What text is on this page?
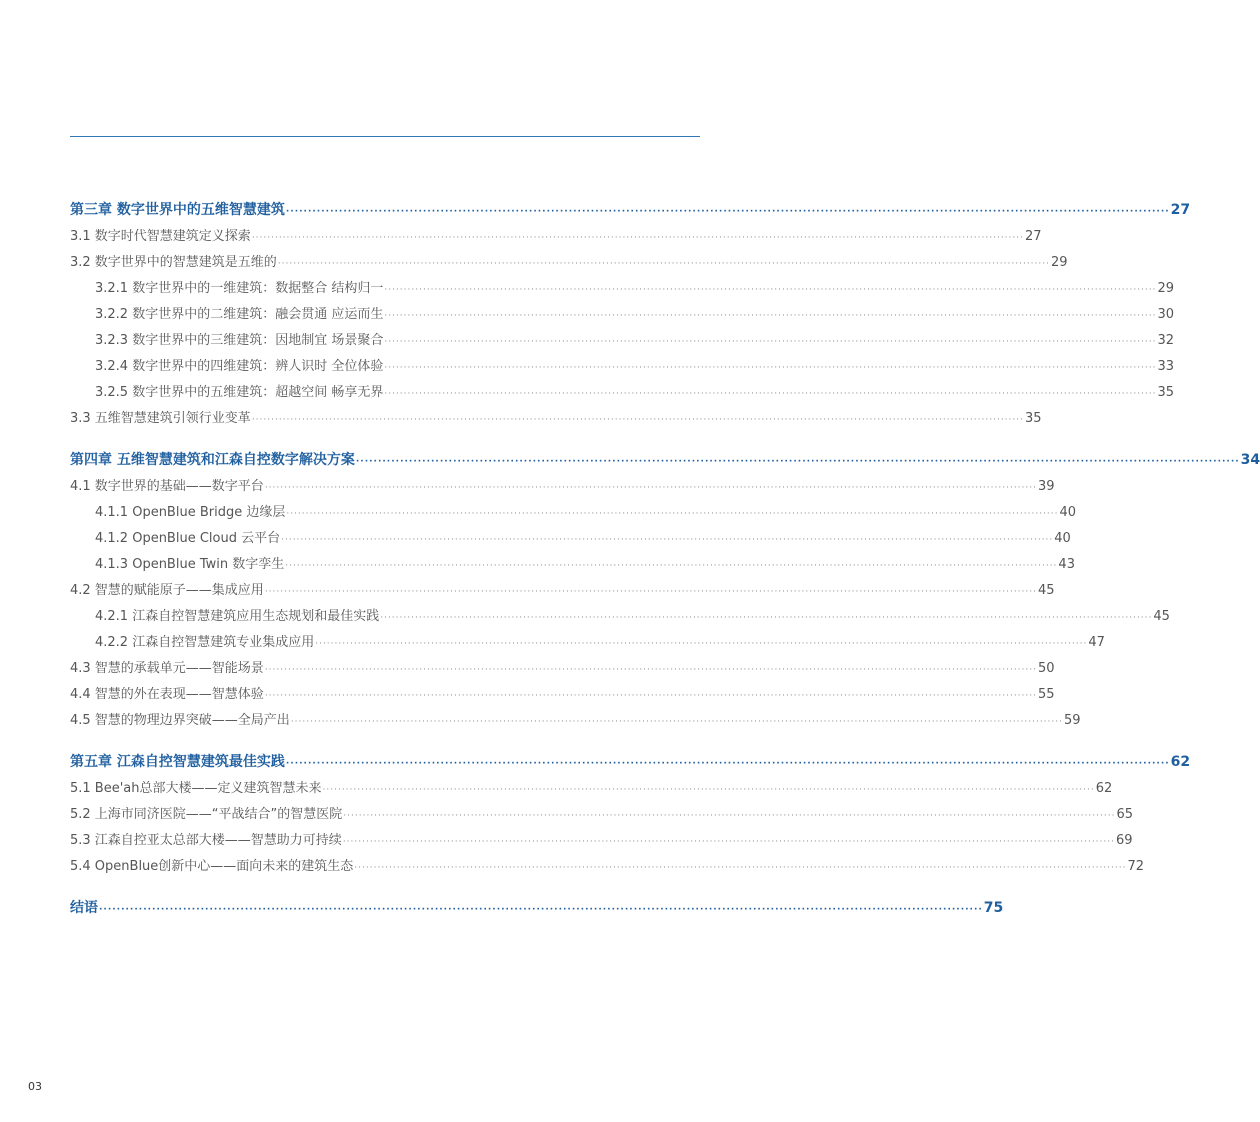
第三章 数字世界中的五维智慧建筑 ········································································································································································································ 27
3.1 数字时代智慧建筑定义探索 ········································································································································································································ 27
3.2 数字世界中的智慧建筑是五维的 ········································································································································································································ 29
3.2.1 数字世界中的一维建筑：数据整合 结构归一 ········································································································································································································ 29
3.2.2 数字世界中的二维建筑：融会贯通 应运而生 ········································································································································································································ 30
3.2.3 数字世界中的三维建筑：因地制宜 场景聚合 ········································································································································································································ 32
3.2.4 数字世界中的四维建筑：辨人识时 全位体验 ········································································································································································································ 33
3.2.5 数字世界中的五维建筑：超越空间 畅享无界 ········································································································································································································ 35
3.3 五维智慧建筑引领行业变革 ········································································································································································································ 35
第四章 五维智慧建筑和江森自控数字解决方案 ········································································································································································································ 34
4.1 数字世界的基础——数字平台 ········································································································································································································ 39
4.1.1 OpenBlue Bridge 边缘层 ········································································································································································································ 40
4.1.2 OpenBlue Cloud 云平台 ········································································································································································································ 40
4.1.3 OpenBlue Twin 数字孪生 ········································································································································································································ 43
4.2 智慧的赋能原子——集成应用 ········································································································································································································ 45
4.2.1 江森自控智慧建筑应用生态规划和最佳实践 ········································································································································································································ 45
4.2.2 江森自控智慧建筑专业集成应用 ········································································································································································································ 47
4.3 智慧的承载单元——智能场景 ········································································································································································································ 50
4.4 智慧的外在表现——智慧体验 ········································································································································································································ 55
4.5 智慧的物理边界突破——全局产出 ········································································································································································································ 59
第五章 江森自控智慧建筑最佳实践 ········································································································································································································ 62
5.1 Bee'ah总部大楼——定义建筑智慧未来 ········································································································································································································ 62
5.2 上海市同济医院——“平战结合”的智慧医院 ········································································································································································································ 65
5.3 江森自控亚太总部大楼——智慧助力可持续 ········································································································································································································ 69
5.4 OpenBlue创新中心——面向未来的建筑生态 ········································································································································································································ 72
结语 ········································································································································································································ 75
03
